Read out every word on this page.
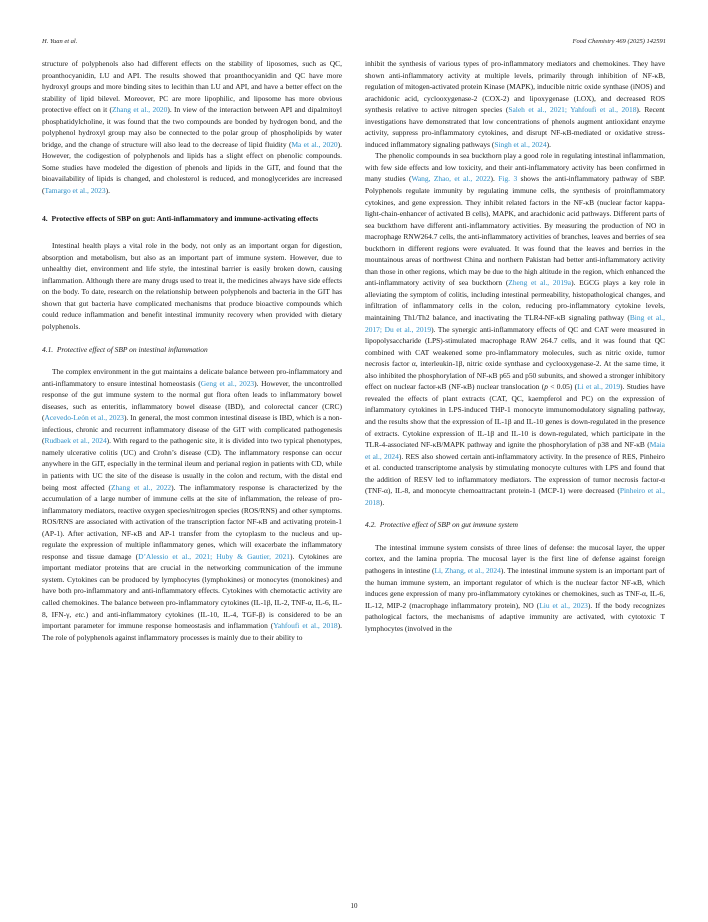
H. Yuan et al.	Food Chemistry 469 (2025) 142591

structure of polyphenols also had different effects on the stability of liposomes, such as QC, proanthocyanidin, LU and API. The results showed that proanthocyanidin and QC have more hydroxyl groups and more binding sites to lecithin than LU and API, and have a better effect on the stability of lipid bilevel. Moreover, PC are more lipophilic, and liposome has more obvious protective effect on it (Zhang et al., 2020). In view of the interaction between API and dipalmitoyl phosphatidylcholine, it was found that the two compounds are bonded by hydrogen bond, and the polyphenol hydroxyl group may also be connected to the polar group of phospholipids by water bridge, and the change of structure will also lead to the decrease of lipid fluidity (Ma et al., 2020). However, the codigestion of polyphenols and lipids has a slight effect on phenolic compounds. Some studies have modeled the digestion of phenols and lipids in the GIT, and found that the bioavailability of lipids is changed, and cholesterol is reduced, and monoglycerides are increased (Tamargo et al., 2023).

4. Protective effects of SBP on gut: Anti-inflammatory and immune-activating effects

Intestinal health plays a vital role in the body, not only as an important organ for digestion, absorption and metabolism, but also as an important part of immune system. However, due to unhealthy diet, environment and life style, the intestinal barrier is easily broken down, causing inflammation. Although there are many drugs used to treat it, the medicines always have side effects on the body. To date, research on the relationship between polyphenols and bacteria in the GIT has shown that gut bacteria have complicated mechanisms that produce bioactive compounds which could reduce inflammation and benefit intestinal immunity recovery when provided with dietary polyphenols.

4.1. Protective effect of SBP on intestinal inflammation

The complex environment in the gut maintains a delicate balance between pro-inflammatory and anti-inflammatory to ensure intestinal homeostasis (Geng et al., 2023). However, the uncontrolled response of the gut immune system to the normal gut flora often leads to inflammatory bowel diseases, such as enteritis, inflammatory bowel disease (IBD), and colorectal cancer (CRC) (Acevedo-León et al., 2023). In general, the most common intestinal disease is IBD, which is a non-infectious, chronic and recurrent inflammatory disease of the GIT with complicated pathogenesis (Rudbaek et al., 2024). With regard to the pathogenic site, it is divided into two typical phenotypes, namely ulcerative colitis (UC) and Crohn’s disease (CD). The inflammatory response can occur anywhere in the GIT, especially in the terminal ileum and perianal region in patients with CD, while in patients with UC the site of the disease is usually in the colon and rectum, with the distal end being most affected (Zhang et al., 2022). The inflammatory response is characterized by the accumulation of a large number of immune cells at the site of inflammation, the release of pro-inflammatory mediators, reactive oxygen species/nitrogen species (ROS/RNS) and other symptoms. ROS/RNS are associated with activation of the transcription factor NF-κB and activating protein-1 (AP-1). After activation, NF-κB and AP-1 transfer from the cytoplasm to the nucleus and up-regulate the expression of multiple inflammatory genes, which will exacerbate the inflammatory response and tissue damage (D’Alessio et al., 2021; Huby & Gautier, 2021). Cytokines are important mediator proteins that are crucial in the networking communication of the immune system. Cytokines can be produced by lymphocytes (lymphokines) or monocytes (monokines) and have both pro-inflammatory and anti-inflammatory effects. Cytokines with chemotactic activity are called chemokines. The balance between pro-inflammatory cytokines (IL-1β, IL-2, TNF-α, IL-6, IL-8, IFN-γ, etc.) and anti-inflammatory cytokines (IL-10, IL-4, TGF-β) is considered to be an important parameter for immune response homeostasis and inflammation (Yahfoufi et al., 2018). The role of polyphenols against inflammatory processes is mainly due to their ability to

inhibit the synthesis of various types of pro-inflammatory mediators and chemokines. They have shown anti-inflammatory activity at multiple levels, primarily through inhibition of NF-κB, regulation of mitogen-activated protein Kinase (MAPK), inducible nitric oxide synthase (iNOS) and arachidonic acid, cyclooxygenase-2 (COX-2) and lipoxygenase (LOX), and decreased ROS synthesis relative to active nitrogen species (Saleh et al., 2021; Yahfoufi et al., 2018). Recent investigations have demonstrated that low concentrations of phenols augment antioxidant enzyme activity, suppress pro-inflammatory cytokines, and disrupt NF-κB-mediated or oxidative stress-induced inflammatory signaling pathways (Singh et al., 2024).

The phenolic compounds in sea buckthorn play a good role in regulating intestinal inflammation, with few side effects and low toxicity, and their anti-inflammatory activity has been confirmed in many studies (Wang, Zhao, et al., 2022). Fig. 3 shows the anti-inflammatory pathway of SBP. Polyphenols regulate immunity by regulating immune cells, the synthesis of proinflammatory cytokines, and gene expression. They inhibit related factors in the NF-κB (nuclear factor kappa-light-chain-enhancer of activated B cells), MAPK, and arachidonic acid pathways. Different parts of sea buckthorn have different anti-inflammatory activities. By measuring the production of NO in macrophage RNW264.7 cells, the anti-inflammatory activities of branches, leaves and berries of sea buckthorn in different regions were evaluated. It was found that the leaves and berries in the mountainous areas of northwest China and northern Pakistan had better anti-inflammatory activity than those in other regions, which may be due to the high altitude in the region, which enhanced the anti-inflammatory activity of sea buckthorn (Zheng et al., 2019a). EGCG plays a key role in alleviating the symptom of colitis, including intestinal permeability, histopathological changes, and infiltration of inflammatory cells in the colon, reducing pro-inflammatory cytokine levels, maintaining Th1/Th2 balance, and inactivating the TLR4-NF-κB signaling pathway (Bing et al., 2017; Du et al., 2019). The synergic anti-inflammatory effects of QC and CAT were measured in lipopolysaccharide (LPS)-stimulated macrophage RAW 264.7 cells, and it was found that QC combined with CAT weakened some pro-inflammatory molecules, such as nitric oxide, tumor necrosis factor α, interleukin-1β, nitric oxide synthase and cyclooxygenase-2. At the same time, it also inhibited the phosphorylation of NF-κB p65 and p50 subunits, and showed a stronger inhibitory effect on nuclear factor-κB (NF-κB) nuclear translocation (p < 0.05) (Li et al., 2019). Studies have revealed the effects of plant extracts (CAT, QC, kaempferol and PC) on the expression of inflammatory cytokines in LPS-induced THP-1 monocyte immunomodulatory signaling pathway, and the results show that the expression of IL-1β and IL-10 genes is down-regulated in the presence of extracts. Cytokine expression of IL-1β and IL-10 is down-regulated, which participate in the TLR-4-associated NF-κB/MAPK pathway and ignite the phosphorylation of p38 and NF-κB (Maia et al., 2024). RES also showed certain anti-inflammatory activity. In the presence of RES, Pinheiro et al. conducted transcriptome analysis by stimulating monocyte cultures with LPS and found that the addition of RESV led to inflammatory mediators. The expression of tumor necrosis factor-α (TNF-α), IL-8, and monocyte chemoattractant protein-1 (MCP-1) were decreased (Pinheiro et al., 2018).

4.2. Protective effect of SBP on gut immune system

The intestinal immune system consists of three lines of defense: the mucosal layer, the upper cortex, and the lamina propria. The mucosal layer is the first line of defense against foreign pathogens in intestine (Li, Zhang, et al., 2024). The intestinal immune system is an important part of the human immune system, an important regulator of which is the nuclear factor NF-κB, which induces gene expression of many pro-inflammatory cytokines or chemokines, such as TNF-α, IL-6, IL-12, MIP-2 (macrophage inflammatory protein), NO (Liu et al., 2023). If the body recognizes pathological factors, the mechanisms of adaptive immunity are activated, with cytotoxic T lymphocytes (involved in the

10
